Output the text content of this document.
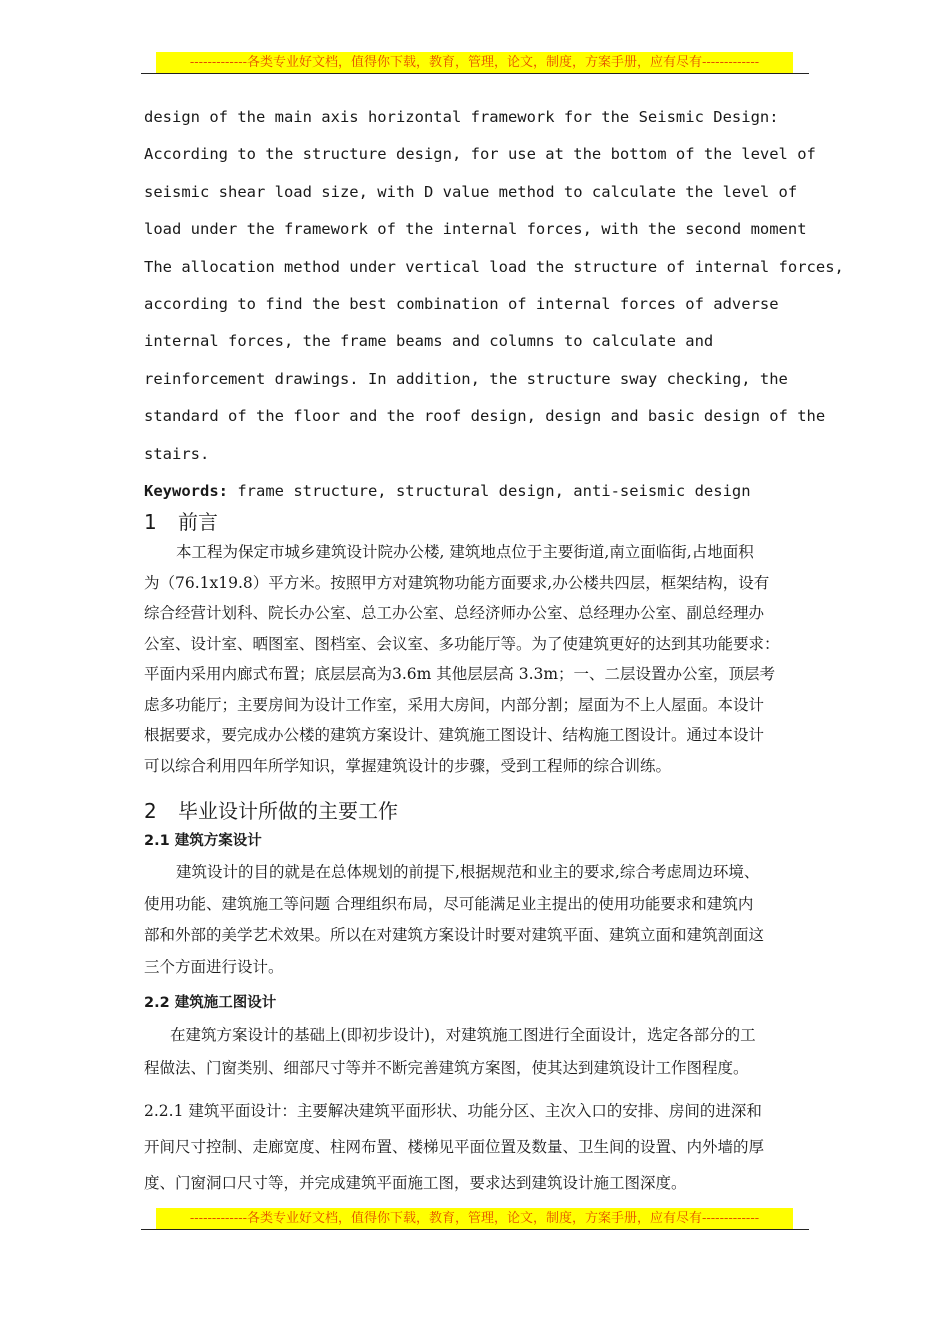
-------------各类专业好文档，值得你下载，教育，管理，论文，制度，方案手册，应有尽有-------------
design of the main axis horizontal framework for the Seismic Design:
According to the structure design, for use at the bottom of the level of
seismic shear load size, with D value method to calculate the level of
load under the framework of the internal forces, with the second moment
The allocation method under vertical load the structure of internal forces,
according to find the best combination of internal forces of adverse
internal forces, the frame beams and columns to calculate and
reinforcement drawings. In addition, the structure sway checking, the
standard of the floor and the roof design, design and basic design of the
stairs.
Keywords: frame structure, structural design, anti-seismic design
1 前言
本工程为保定市城乡建筑设计院办公楼, 建筑地点位于主要街道,南立面临街,占地面积
为（76.1x19.8）平方米。按照甲方对建筑物功能方面要求,办公楼共四层，框架结构，设有
综合经营计划科、院长办公室、总工办公室、总经济师办公室、总经理办公室、副总经理办
公室、设计室、晒图室、图档室、会议室、多功能厅等。为了使建筑更好的达到其功能要求：
平面内采用内廊式布置；底层层高为3.6m 其他层层高 3.3m；一、二层设置办公室，顶层考
虑多功能厅；主要房间为设计工作室，采用大房间，内部分割；屋面为不上人屋面。本设计
根据要求，要完成办公楼的建筑方案设计、建筑施工图设计、结构施工图设计。通过本设计
可以综合利用四年所学知识，掌握建筑设计的步骤，受到工程师的综合训练。
2 毕业设计所做的主要工作
2.1 建筑方案设计
建筑设计的目的就是在总体规划的前提下,根据规范和业主的要求,综合考虑周边环境、
使用功能、建筑施工等问题 合理组织布局，尽可能满足业主提出的使用功能要求和建筑内
部和外部的美学艺术效果。所以在对建筑方案设计时要对建筑平面、建筑立面和建筑剖面这
三个方面进行设计。
2.2 建筑施工图设计
在建筑方案设计的基础上(即初步设计)，对建筑施工图进行全面设计，选定各部分的工
程做法、门窗类别、细部尺寸等并不断完善建筑方案图，使其达到建筑设计工作图程度。
2.2.1 建筑平面设计：主要解决建筑平面形状、功能分区、主次入口的安排、房间的进深和
开间尺寸控制、走廊宽度、柱网布置、楼梯见平面位置及数量、卫生间的设置、内外墙的厚
度、门窗洞口尺寸等，并完成建筑平面施工图，要求达到建筑设计施工图深度。
-------------各类专业好文档，值得你下载，教育，管理，论文，制度，方案手册，应有尽有-------------
